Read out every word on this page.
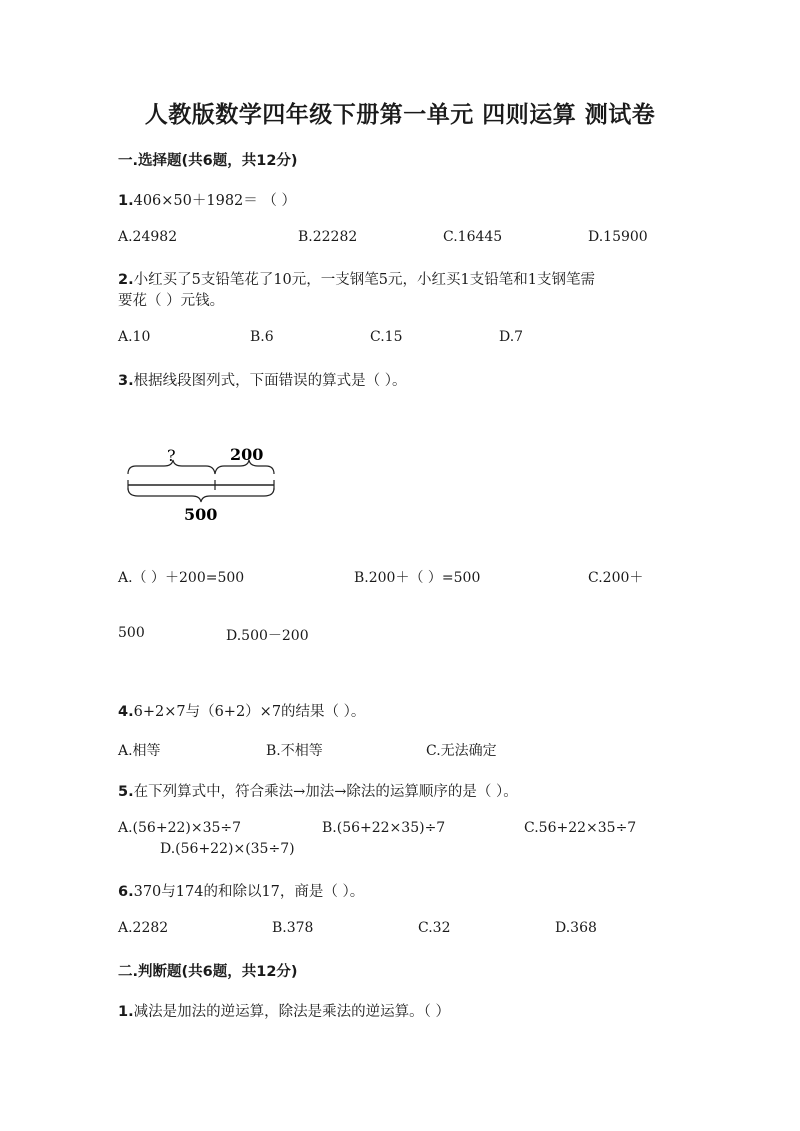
人教版数学四年级下册第一单元 四则运算 测试卷
一.选择题(共6题，共12分)
1.406×50＋1982＝ （ ）
A.24982	B.22282	C.16445	D.15900
2.小红买了5支铅笔花了10元，一支钢笔5元，小红买1支铅笔和1支钢笔需
要花（ ）元钱。
A.10	B.6	C.15	D.7
3.根据线段图列式，下面错误的算式是（ ）。
?	200
500
A.（ ）＋200=500	B.200＋（ ）=500	C.200＋
500	D.500－200
4.6+2×7与（6+2）×7的结果（ ）。
A.相等	B.不相等	C.无法确定
5.在下列算式中，符合乘法→加法→除法的运算顺序的是（ ）。
A.(56+22)×35÷7	B.(56+22×35)÷7	C.56+22×35÷7
D.(56+22)×(35÷7)
6.370与174的和除以17，商是（ ）。
A.2282	B.378	C.32	D.368
二.判断题(共6题，共12分)
1.减法是加法的逆运算，除法是乘法的逆运算。（ ）
